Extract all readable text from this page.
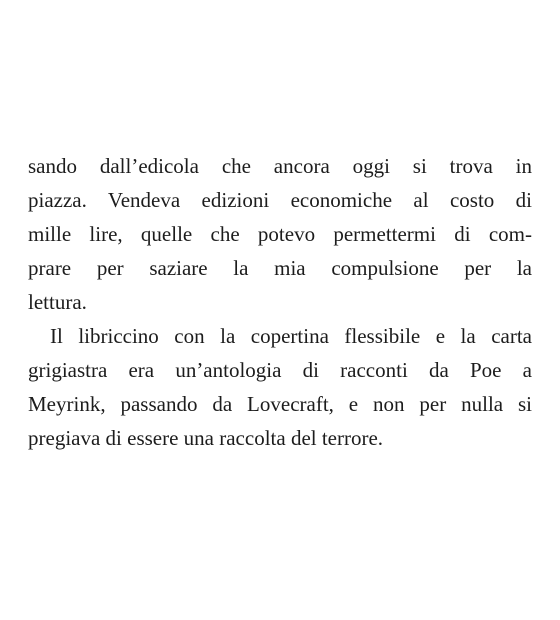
sando dall’edicola che ancora oggi si trova in
piazza. Vendeva edizioni economiche al costo di
mille lire, quelle che potevo permettermi di com-
prare per saziare la mia compulsione per la
lettura.
Il libriccino con la copertina flessibile e la carta
grigiastra era un’antologia di racconti da Poe a
Meyrink, passando da Lovecraft, e non per nulla si
pregiava di essere una raccolta del terrore.
